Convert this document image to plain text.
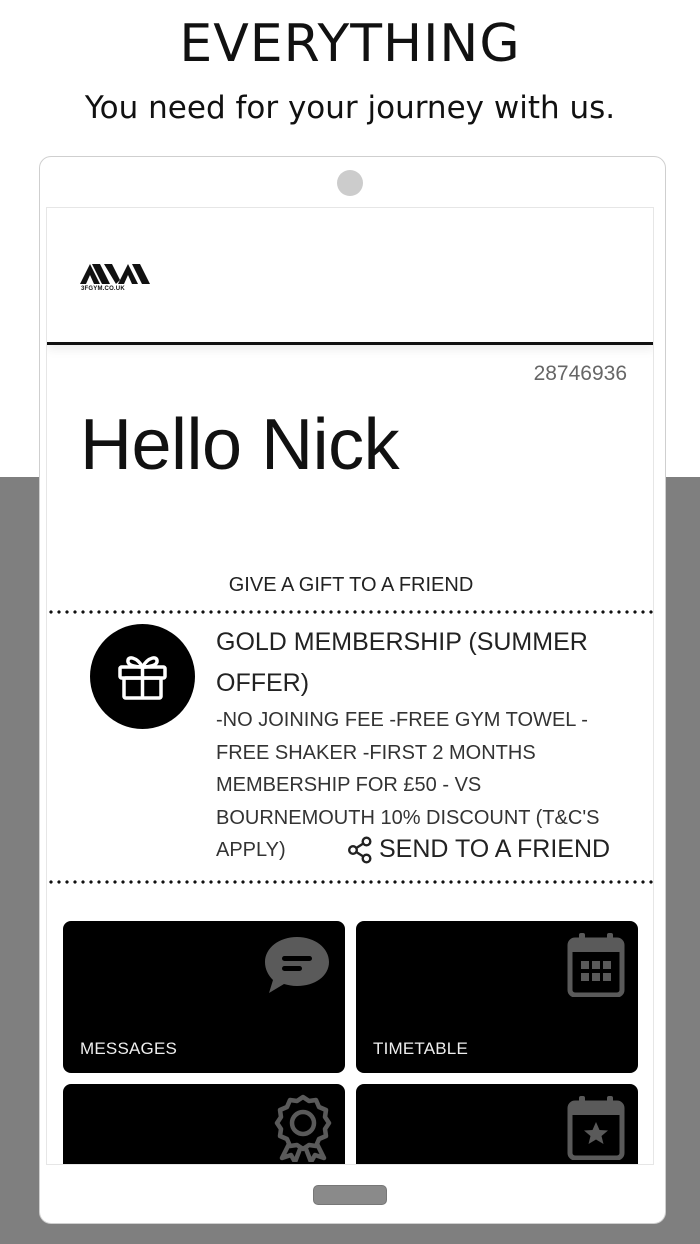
EVERYTHING
You need for your journey with us.
3FGYM.CO.UK
28746936
Hello Nick
GIVE A GIFT TO A FRIEND
GOLD MEMBERSHIP (SUMMER OFFER)
-NO JOINING FEE -FREE GYM TOWEL -FREE SHAKER -FIRST 2 MONTHS MEMBERSHIP FOR £50 - VS BOURNEMOUTH 10% DISCOUNT (T&C'S APPLY)	SEND TO A FRIEND
MESSAGES	TIMETABLE
